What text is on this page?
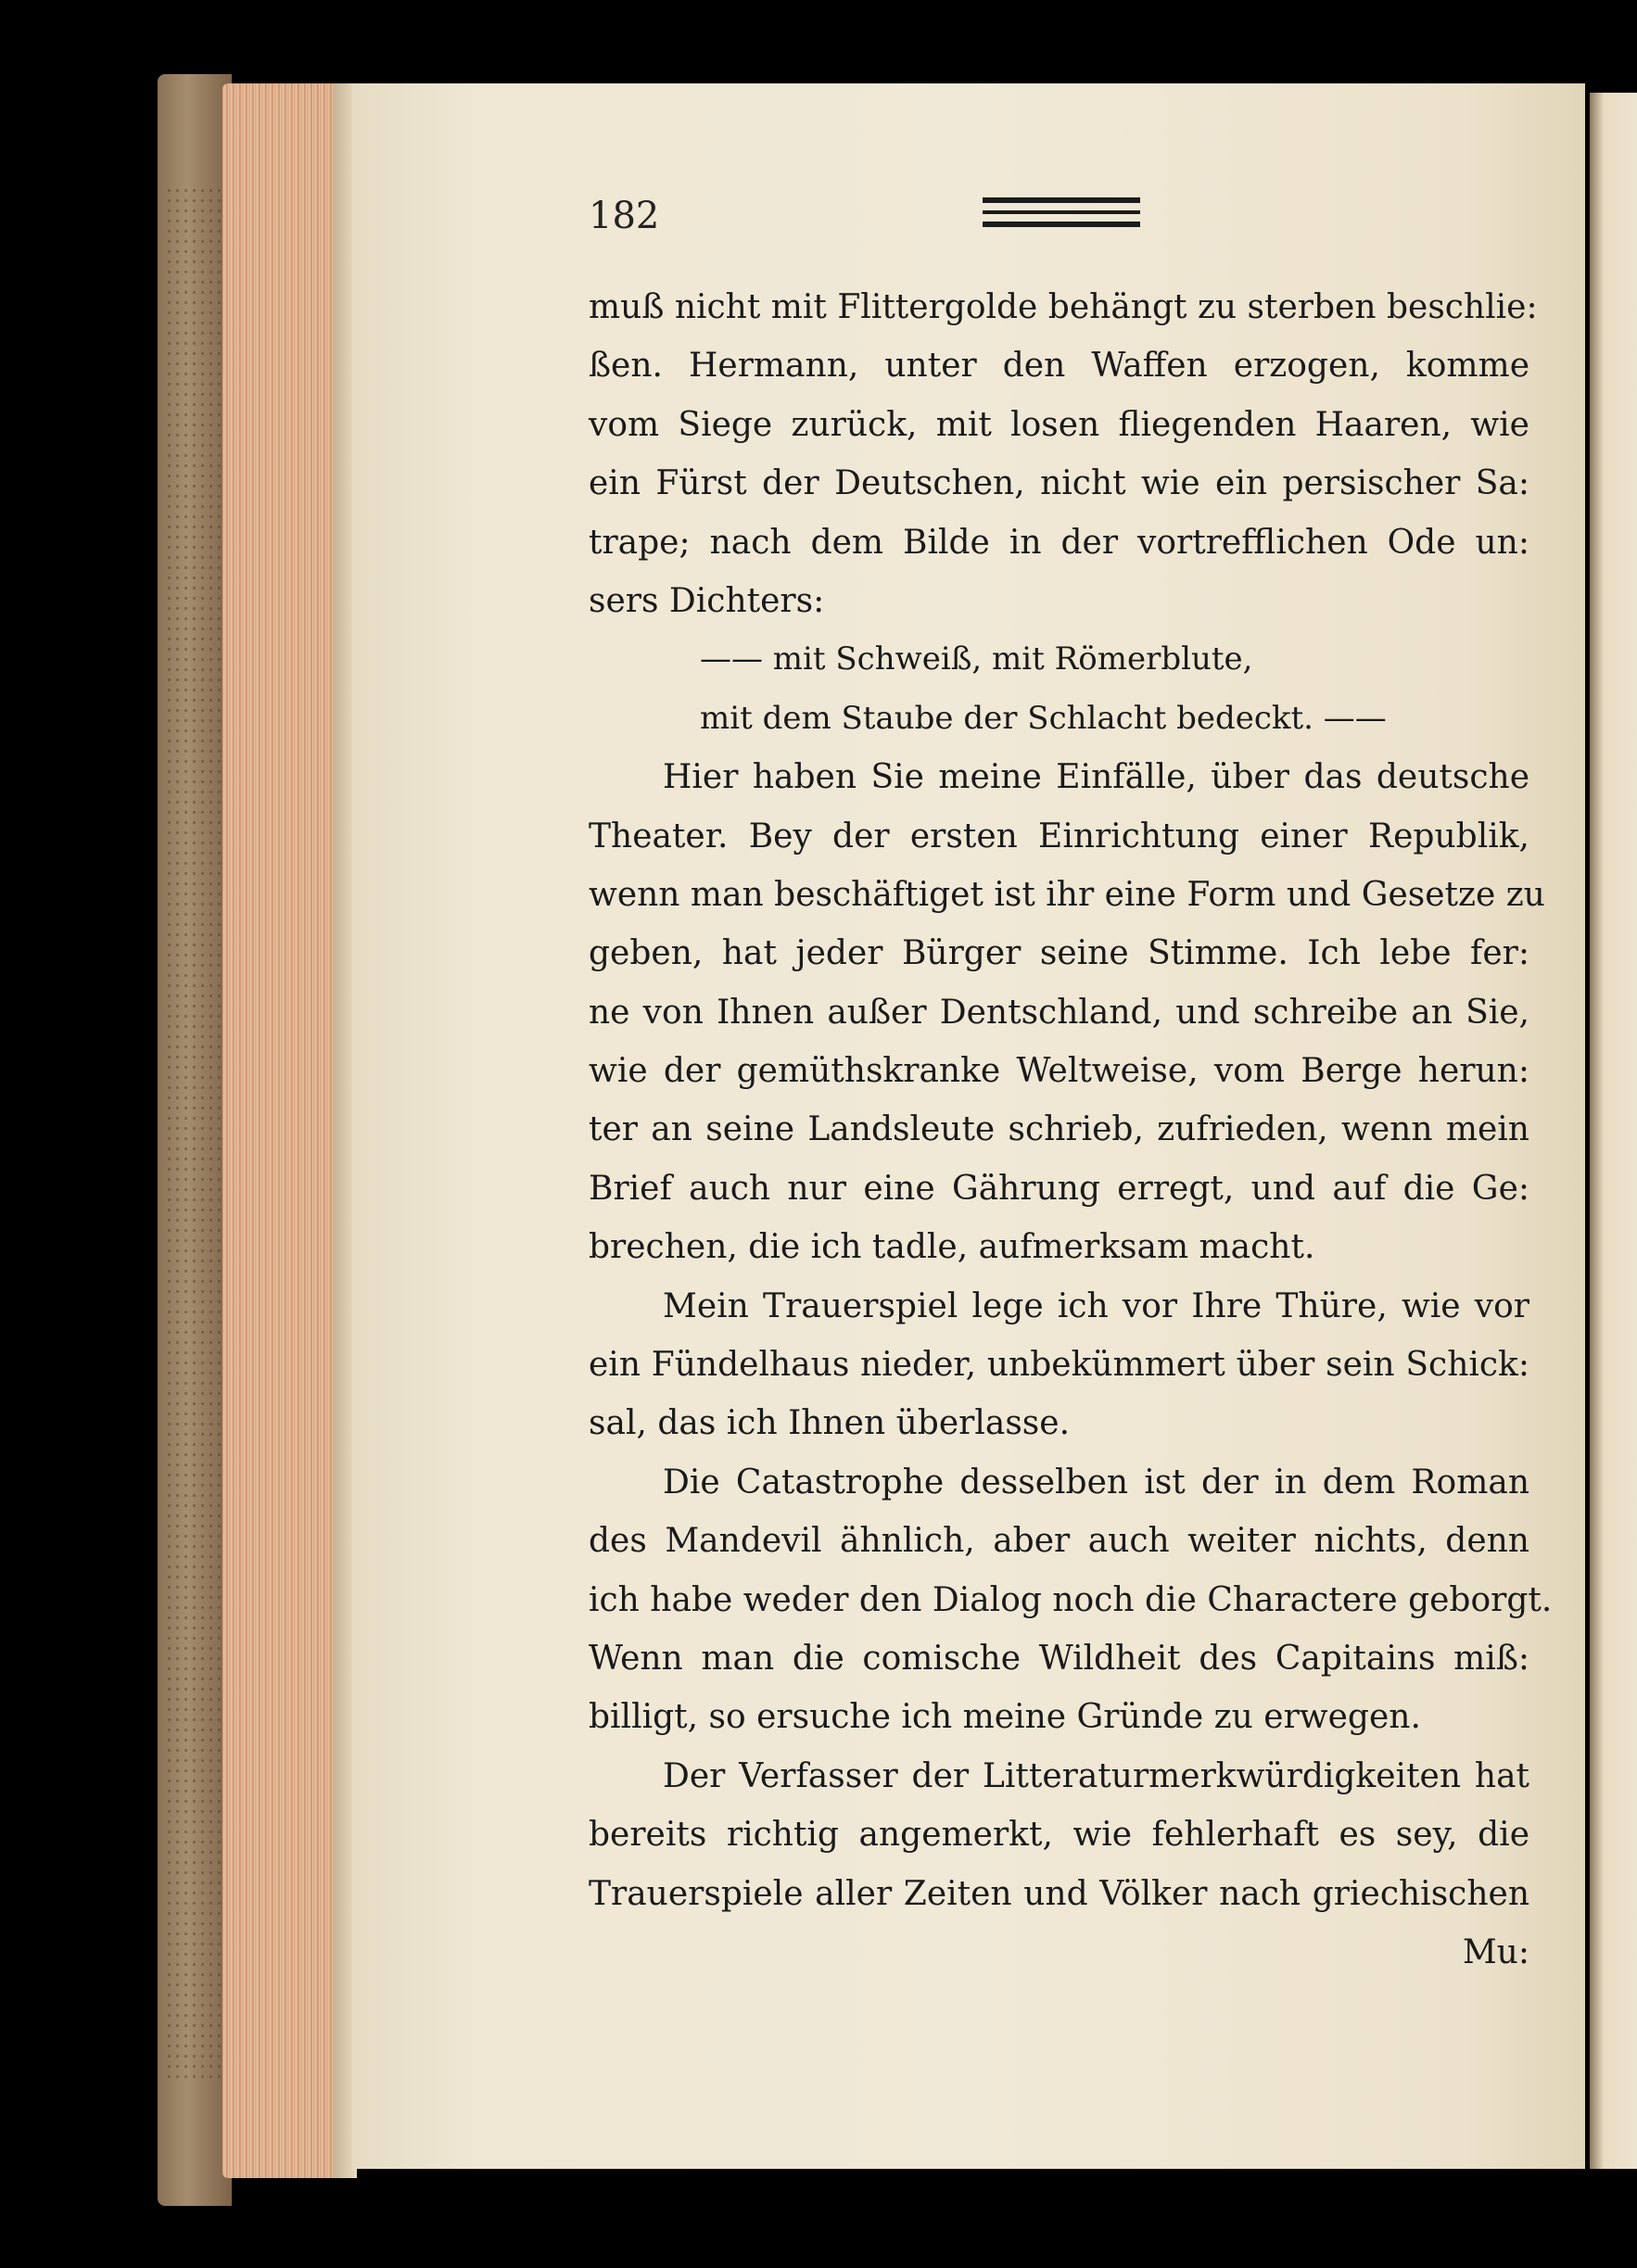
182
muß nicht mit Flittergolde behängt zu sterben beschlie:
ßen. Hermann, unter den Waffen erzogen, komme
vom Siege zurück, mit losen fliegenden Haaren, wie
ein Fürst der Deutschen, nicht wie ein persischer Sa:
trape; nach dem Bilde in der vortrefflichen Ode un:
sers Dichters:
—— mit Schweiß, mit Römerblute,
mit dem Staube der Schlacht bedeckt. ——
Hier haben Sie meine Einfälle, über das deutsche
Theater. Bey der ersten Einrichtung einer Republik,
wenn man beschäftiget ist ihr eine Form und Gesetze zu
geben, hat jeder Bürger seine Stimme. Ich lebe fer:
ne von Ihnen außer Dentschland, und schreibe an Sie,
wie der gemüthskranke Weltweise, vom Berge herun:
ter an seine Landsleute schrieb, zufrieden, wenn mein
Brief auch nur eine Gährung erregt, und auf die Ge:
brechen, die ich tadle, aufmerksam macht.
Mein Trauerspiel lege ich vor Ihre Thüre, wie vor
ein Fündelhaus nieder, unbekümmert über sein Schick:
sal, das ich Ihnen überlasse.
Die Catastrophe desselben ist der in dem Roman
des Mandevil ähnlich, aber auch weiter nichts, denn
ich habe weder den Dialog noch die Charactere geborgt.
Wenn man die comische Wildheit des Capitains miß:
billigt, so ersuche ich meine Gründe zu erwegen.
Der Verfasser der Litteraturmerkwürdigkeiten hat
bereits richtig angemerkt, wie fehlerhaft es sey, die
Trauerspiele aller Zeiten und Völker nach griechischen
Mu:
